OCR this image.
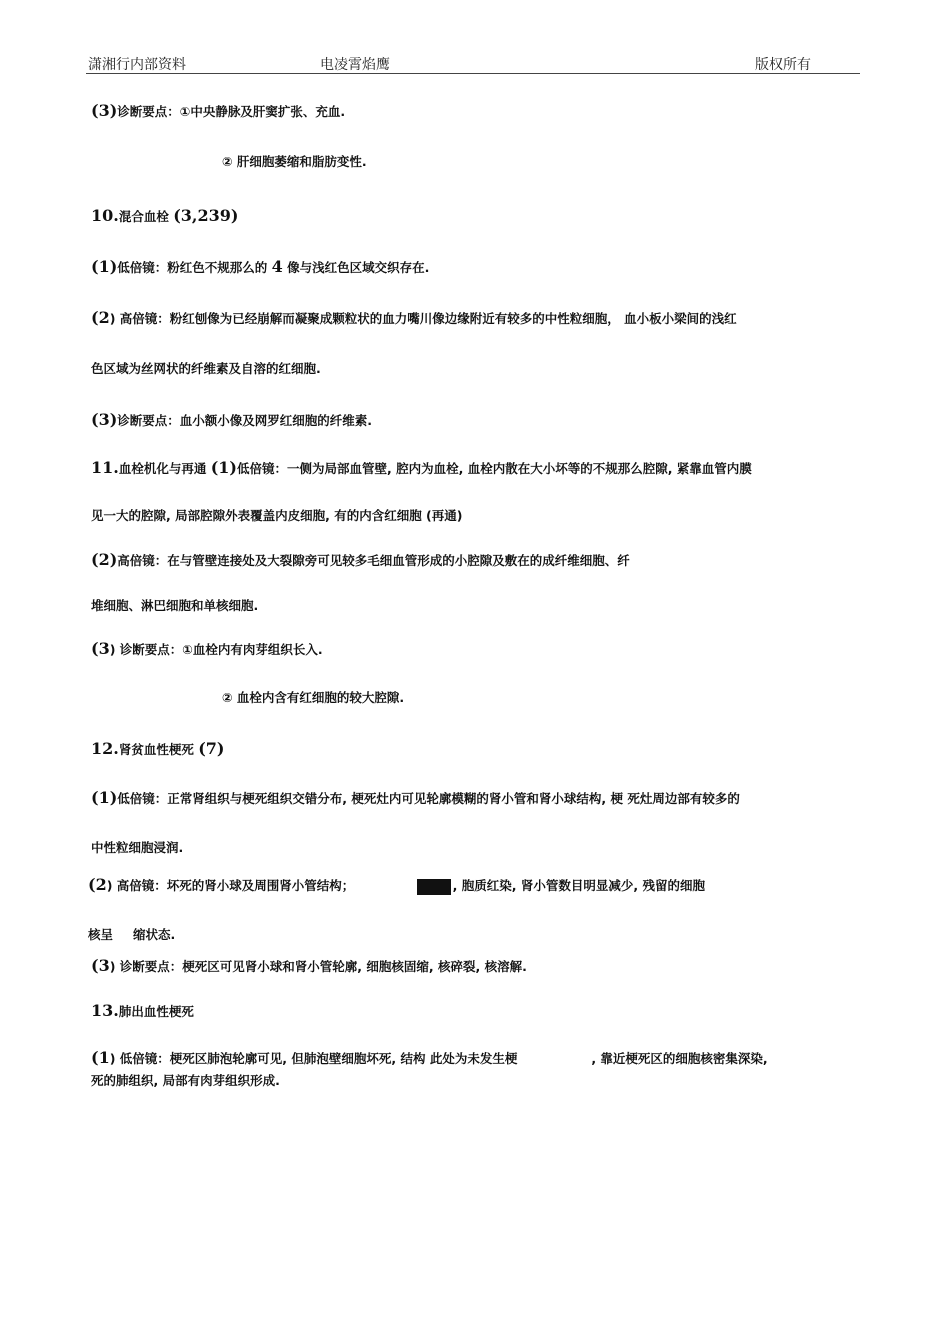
潇湘行内部资料	电凌霄焰鹰	版权所有
(3)诊断要点：①中央静脉及肝窦扩张、充血.
② 肝细胞萎缩和脂肪变性.
10.混合血栓 (3,239)
(1)低倍镜：粉红色不规那么的 4 像与浅红色区域交织存在.
(2) 高倍镜：粉红刨像为已经崩解而凝聚成颗粒状的血力嘴川像边缘附近有较多的中性粒细胞， 血小板小梁间的浅红
色区域为丝网状的纤维素及自溶的红细胞.
(3)诊断要点：血小额小像及网罗红细胞的纤维素.
11.血栓机化与再通 (1)低倍镜：一侧为局部血管壁, 腔内为血栓, 血栓内散在大小坏等的不规那么腔隙, 紧靠血管内膜
见一大的腔隙, 局部腔隙外表覆盖内皮细胞, 有的内含红细胞 (再通)
(2)高倍镜：在与管壁连接处及大裂隙旁可见较多毛细血管形成的小腔隙及敷在的成纤维细胞、纤
堆细胞、淋巴细胞和单核细胞.
(3) 诊断要点：①血栓内有肉芽组织长入.
② 血栓内含有红细胞的较大腔隙.
12.肾贫血性梗死 (7)
(1)低倍镜：正常肾组织与梗死组织交错分布, 梗死灶内可见轮廓模糊的肾小管和肾小球结构, 梗 死灶周边部有较多的
中性粒细胞浸润.
(2) 高倍镜：坏死的肾小球及周围肾小管结构；	, 胞质红染, 肾小管数目明显减少, 残留的细胞
核呈 缩状态.
(3) 诊断要点：梗死区可见肾小球和肾小管轮廓, 细胞核固缩, 核碎裂, 核溶解.
13.肺出血性梗死
(1) 低倍镜：梗死区肺泡轮廓可见, 但肺泡壁细胞坏死, 结构 此处为未发生梗	, 靠近梗死区的细胞核密集深染,
死的肺组织, 局部有肉芽组织形成.
